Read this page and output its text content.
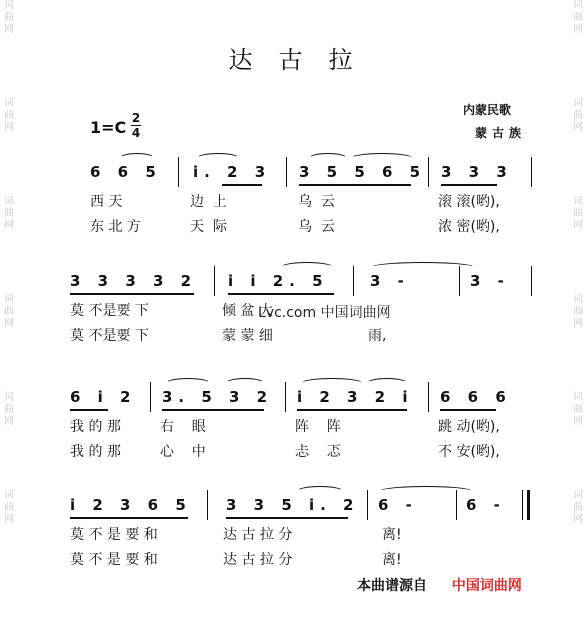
词
曲
网
词
曲
网
词
曲
网
词
曲
网
词
曲
网
词
曲
网
词
曲
网
词
曲
网
词
曲
网
词
曲
网
词
曲
网
词
曲
网
达古拉
1=C 2
4
内蒙民歌
蒙古族
6 6 5 i. 2 3 3 5 5 6 5 3 3 3
西 天	边  上	乌  云	滚 滚(哟),
东 北 方	天  际	乌  云	浓 密(哟),
3 3 3 3 2 i i 2. 5	3 -	3 -
莫 不是要 下	倾 盆 大
莫 不是要 下	蒙 蒙 细	雨,
6 i 2 3. 5 3 2 i 2 3 2 i 6 6 6
我 的 那	右    眼	阵    阵	跳 动(哟),
我 的 那	心    中	忐    忑	不 安(哟),
i 2 3 6 5 3 3 5 i. 2 6 -	6 -
莫 不 是 要 和	达 古 拉 分	离!
莫 不 是 要 和	达 古 拉 分	离!
Lvc.com 中国词曲网
本曲谱源自 中国词曲网
